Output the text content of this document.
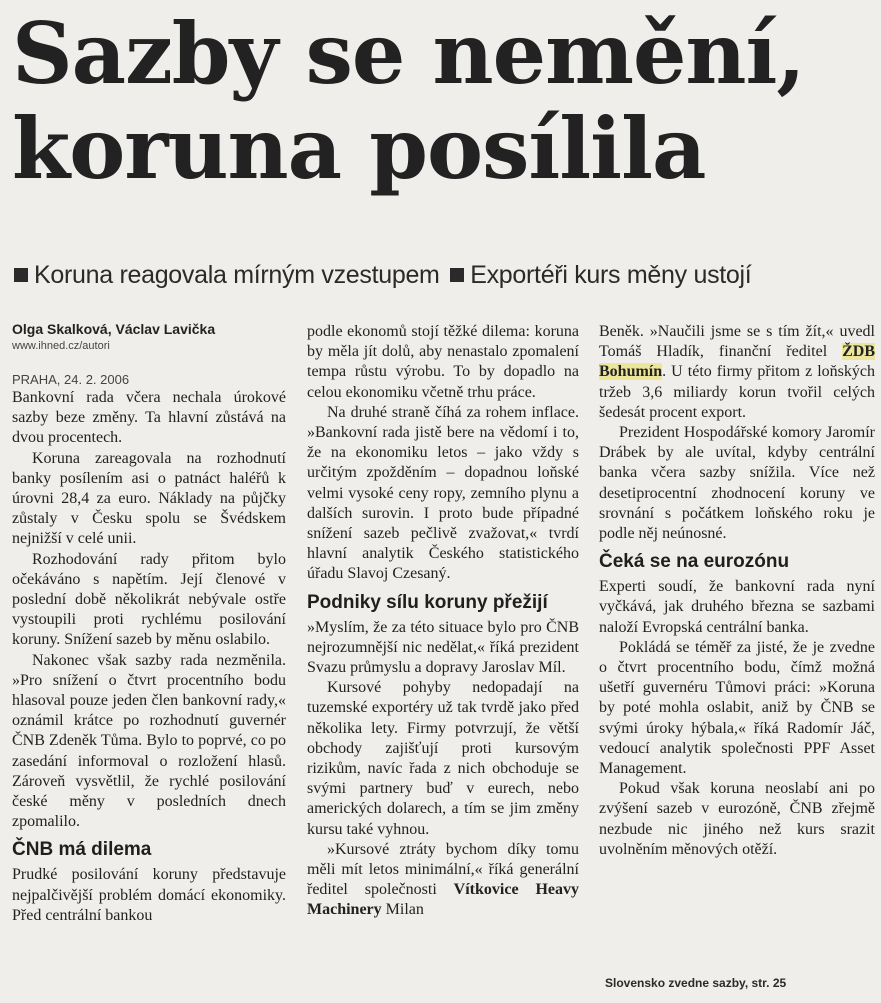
Sazby se nemění,
koruna posílila
Koruna reagovala mírným vzestupem Exportéři kurs měny ustojí
Olga Skalková, Václav Lavička
www.ihned.cz/autori
PRAHA, 24. 2. 2006

Bankovní rada včera nechala úrokové sazby beze změny. Ta hlavní zůstává na dvou procentech.

Koruna zareagovala na rozhodnutí banky posílením asi o patnáct haléřů k úrovni 28,4 za euro. Náklady na půjčky zůstaly v Česku spolu se Švédskem nejnižší v celé unii.

Rozhodování rady přitom bylo očekáváno s napětím. Její členové v poslední době několikrát nebývale ostře vystoupili proti rychlému posilování koruny. Snížení sazeb by měnu oslabilo.

Nakonec však sazby rada nezměnila. »Pro snížení o čtvrt procentního bodu hlasoval pouze jeden člen bankovní rady,« oznámil krátce po rozhodnutí guvernér ČNB Zdeněk Tůma. Bylo to poprvé, co po zasedání informoval o rozložení hlasů. Zároveň vysvětlil, že rychlé posilování české měny v posledních dnech zpomalilo.

ČNB má dilema

Prudké posilování koruny představuje nejpalčivější problém domácí ekonomiky. Před centrální bankou

podle ekonomů stojí těžké dilema: koruna by měla jít dolů, aby nenastalo zpomalení tempa růstu výrobu. To by dopadlo na celou ekonomiku včetně trhu práce.

Na druhé straně číhá za rohem inflace. »Bankovní rada jistě bere na vědomí i to, že na ekonomiku letos – jako vždy s určitým zpožděním – dopadnou loňské velmi vysoké ceny ropy, zemního plynu a dalších surovin. I proto bude případné snížení sazeb pečlivě zvažovat,« tvrdí hlavní analytik Českého statistického úřadu Slavoj Czesaný.

Podniky sílu koruny přežijí

»Myslím, že za této situace bylo pro ČNB nejrozumnější nic nedělat,« říká prezident Svazu průmyslu a dopravy Jaroslav Míl.

Kursové pohyby nedopadají na tuzemské exportéry už tak tvrdě jako před několika lety. Firmy potvrzují, že větší obchody zajišťují proti kursovým rizikům, navíc řada z nich obchoduje se svými partnery buď v eurech, nebo amerických dolarech, a tím se jim změny kursu také vyhnou.

»Kursové ztráty bychom díky tomu měli mít letos minimální,« říká generální ředitel společnosti Vítkovice Heavy Machinery Milan

Beněk. »Naučili jsme se s tím žít,« uvedl Tomáš Hladík, finanční ředitel ŽDB Bohumín. U této firmy přitom z loňských tržeb 3,6 miliardy korun tvořil celých šedesát procent export.

Prezident Hospodářské komory Jaromír Drábek by ale uvítal, kdyby centrální banka včera sazby snížila. Více než desetiprocentní zhodnocení koruny ve srovnání s počátkem loňského roku je podle něj neúnosné.

Čeká se na eurozónu

Experti soudí, že bankovní rada nyní vyčkává, jak druhého března se sazbami naloží Evropská centrální banka.

Pokládá se téměř za jisté, že je zvedne o čtvrt procentního bodu, čímž možná ušetří guvernéru Tůmovi práci: »Koruna by poté mohla oslabit, aniž by ČNB se svými úroky hýbala,« říká Radomír Jáč, vedoucí analytik společnosti PPF Asset Management.

Pokud však koruna neoslabí ani po zvýšení sazeb v eurozóně, ČNB zřejmě nezbude nic jiného než kurs srazit uvolněním měnových otěží.

Slovensko zvedne sazby, str. 25
